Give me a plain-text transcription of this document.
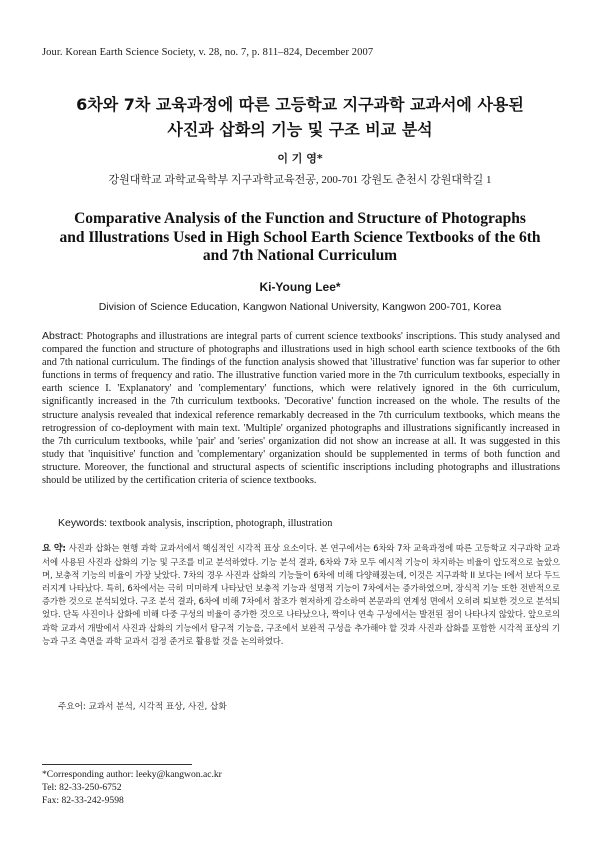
Jour. Korean Earth Science Society, v. 28, no. 7, p. 811–824, December 2007
6차와 7차 교육과정에 따른 고등학교 지구과학 교과서에 사용된
사진과 삽화의 기능 및 구조 비교 분석
이 기 영*
강원대학교 과학교육학부 지구과학교육전공, 200-701 강원도 춘천시 강원대학길 1
Comparative Analysis of the Function and Structure of Photographs
and Illustrations Used in High School Earth Science Textbooks of the 6th
and 7th National Curriculum
Ki-Young Lee*
Division of Science Education, Kangwon National University, Kangwon 200-701, Korea
Abstract: Photographs and illustrations are integral parts of current science textbooks' inscriptions. This study analysed and compared the function and structure of photographs and illustrations used in high school earth science textbooks of the 6th and 7th national curriculum. The findings of the function analysis showed that 'illustrative' function was far superior to other functions in terms of frequency and ratio. The illustrative function varied more in the 7th curriculum textbooks, especially in earth science I. 'Explanatory' and 'complementary' functions, which were relatively ignored in the 6th curriculum, significantly increased in the 7th curriculum textbooks. 'Decorative' function increased on the whole. The results of the structure analysis revealed that indexical reference remarkably decreased in the 7th curriculum textbooks, which means the retrogression of co-deployment with main text. 'Multiple' organized photographs and illustrations significantly increased in the 7th curriculum textbooks, while 'pair' and 'series' organization did not show an increase at all. It was suggested in this study that 'inquisitive' function and 'complementary' organization should be supplemented in terms of both function and structure. Moreover, the functional and structural aspects of scientific inscriptions including photographs and illustrations should be utilized by the certification criteria of science textbooks.
Keywords: textbook analysis, inscription, photograph, illustration
요 약: 사진과 삽화는 현행 과학 교과서에서 핵심적인 시각적 표상 요소이다. 본 연구에서는 6차와 7차 교육과정에 따른 고등학교 지구과학 교과서에 사용된 사진과 삽화의 기능 및 구조를 비교 분석하였다. 기능 분석 결과, 6차와 7차 모두 예시적 기능이 차지하는 비율이 압도적으로 높았으며, 보충적 기능의 비율이 가장 낮았다. 7차의 경우 사진과 삽화의 기능들이 6차에 비해 다양해졌는데, 이것은 지구과학 II 보다는 I에서 보다 두드러지게 나타났다. 특히, 6차에서는 극히 미미하게 나타났던 보충적 기능과 설명적 기능이 7차에서는 증가하였으며, 장식적 기능 또한 전반적으로 증가한 것으로 분석되었다. 구조 분석 결과, 6차에 비해 7차에서 참조가 현저하게 감소하여 본문과의 연계성 면에서 오히려 퇴보한 것으로 분석되었다. 단독 사진이나 삽화에 비해 다중 구성의 비율이 증가한 것으로 나타났으나, 짝이나 연속 구성에서는 발전된 점이 나타나지 않았다. 앞으로의 과학 교과서 개발에서 사진과 삽화의 기능에서 탐구적 기능을, 구조에서 보완적 구성을 추가해야 할 것과 사진과 삽화를 포함한 시각적 표상의 기능과 구조 측면을 과학 교과서 검정 준거로 활용할 것을 논의하였다.
주요어: 교과서 분석, 시각적 표상, 사진, 삽화
*Corresponding author: leeky@kangwon.ac.kr
Tel: 82-33-250-6752
Fax: 82-33-242-9598
